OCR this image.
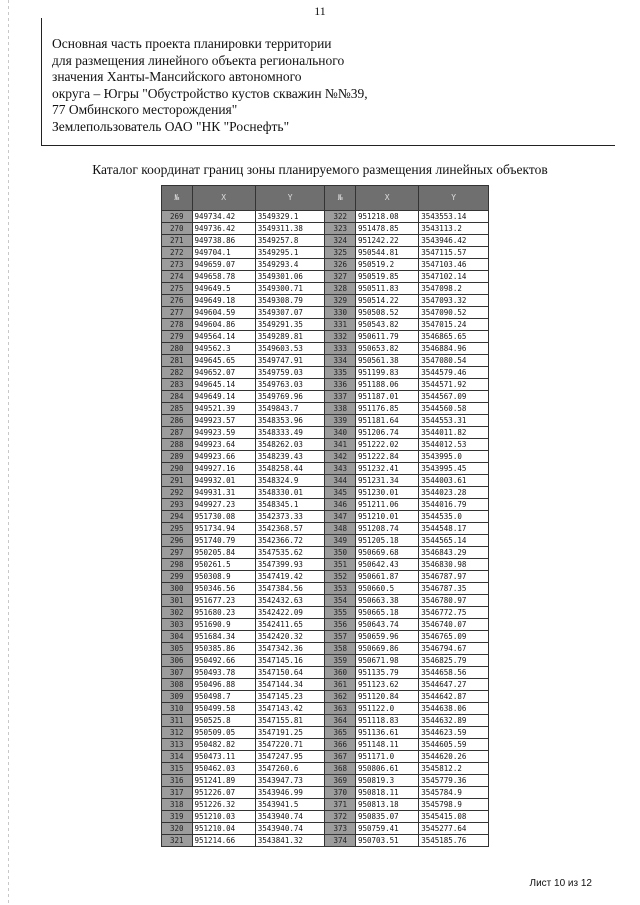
11
Основная часть проекта планировки территории
для размещения линейного объекта регионального
значения Ханты-Мансийского автономного
округа – Югры "Обустройство кустов скважин №№39,
77 Омбинского месторождения"
Землепользователь ОАО "НК "Роснефть"
Каталог координат границ зоны планируемого размещения линейных объектов
№	X	Y	№	X	Y
269	949734.42	3549329.1	322	951218.08	3543553.14
270	949736.42	3549311.38	323	951478.85	3543113.2
271	949738.86	3549257.8	324	951242.22	3543946.42
272	949704.1	3549295.1	325	950544.81	3547115.57
273	949659.07	3549293.4	326	950519.2	3547103.46
274	949658.78	3549301.06	327	950519.85	3547102.14
275	949649.5	3549300.71	328	950511.83	3547098.2
276	949649.18	3549308.79	329	950514.22	3547093.32
277	949604.59	3549307.07	330	950508.52	3547090.52
278	949604.86	3549291.35	331	950543.82	3547015.24
279	949564.14	3549289.81	332	950611.79	3546865.65
280	949562.3	3549603.53	333	950653.82	3546884.96
281	949645.65	3549747.91	334	950561.38	3547080.54
282	949652.07	3549759.03	335	951199.83	3544579.46
283	949645.14	3549763.03	336	951188.06	3544571.92
284	949649.14	3549769.96	337	951187.01	3544567.09
285	949521.39	3549843.7	338	951176.85	3544560.58
286	949923.57	3548353.96	339	951181.64	3544553.31
287	949923.59	3548333.49	340	951206.74	3544011.82
288	949923.64	3548262.03	341	951222.02	3544012.53
289	949923.66	3548239.43	342	951222.84	3543995.0
290	949927.16	3548258.44	343	951232.41	3543995.45
291	949932.01	3548324.9	344	951231.34	3544003.61
292	949931.31	3548330.01	345	951230.01	3544023.28
293	949927.23	3548345.1	346	951211.06	3544016.79
294	951730.08	3542373.33	347	951210.01	3544535.0
295	951734.94	3542368.57	348	951208.74	3544548.17
296	951740.79	3542366.72	349	951205.18	3544565.14
297	950205.84	3547535.62	350	950669.68	3546843.29
298	950261.5	3547399.93	351	950642.43	3546830.98
299	950308.9	3547419.42	352	950661.87	3546787.97
300	950346.56	3547384.56	353	950660.5	3546787.35
301	951677.23	3542432.63	354	950663.38	3546780.97
302	951680.23	3542422.09	355	950665.18	3546772.75
303	951690.9	3542411.65	356	950643.74	3546740.07
304	951684.34	3542420.32	357	950659.96	3546765.09
305	950385.86	3547342.36	358	950669.86	3546794.67
306	950492.66	3547145.16	359	950671.98	3546825.79
307	950493.78	3547150.64	360	951135.79	3544658.56
308	950496.88	3547144.34	361	951123.62	3544647.27
309	950498.7	3547145.23	362	951120.84	3544642.87
310	950499.58	3547143.42	363	951122.0	3544638.06
311	950525.8	3547155.81	364	951118.83	3544632.89
312	950509.05	3547191.25	365	951136.61	3544623.59
313	950482.82	3547220.71	366	951148.11	3544605.59
314	950473.11	3547247.95	367	951171.0	3544620.26
315	950462.03	3547260.6	368	950806.61	3545812.2
316	951241.89	3543947.73	369	950819.3	3545779.36
317	951226.07	3543946.99	370	950818.11	3545784.9
318	951226.32	3543941.5	371	950813.18	3545798.9
319	951210.03	3543940.74	372	950835.07	3545415.08
320	951210.04	3543940.74	373	950759.41	3545277.64
321	951214.66	3543841.32	374	950703.51	3545185.76
Лист 10 из 12
